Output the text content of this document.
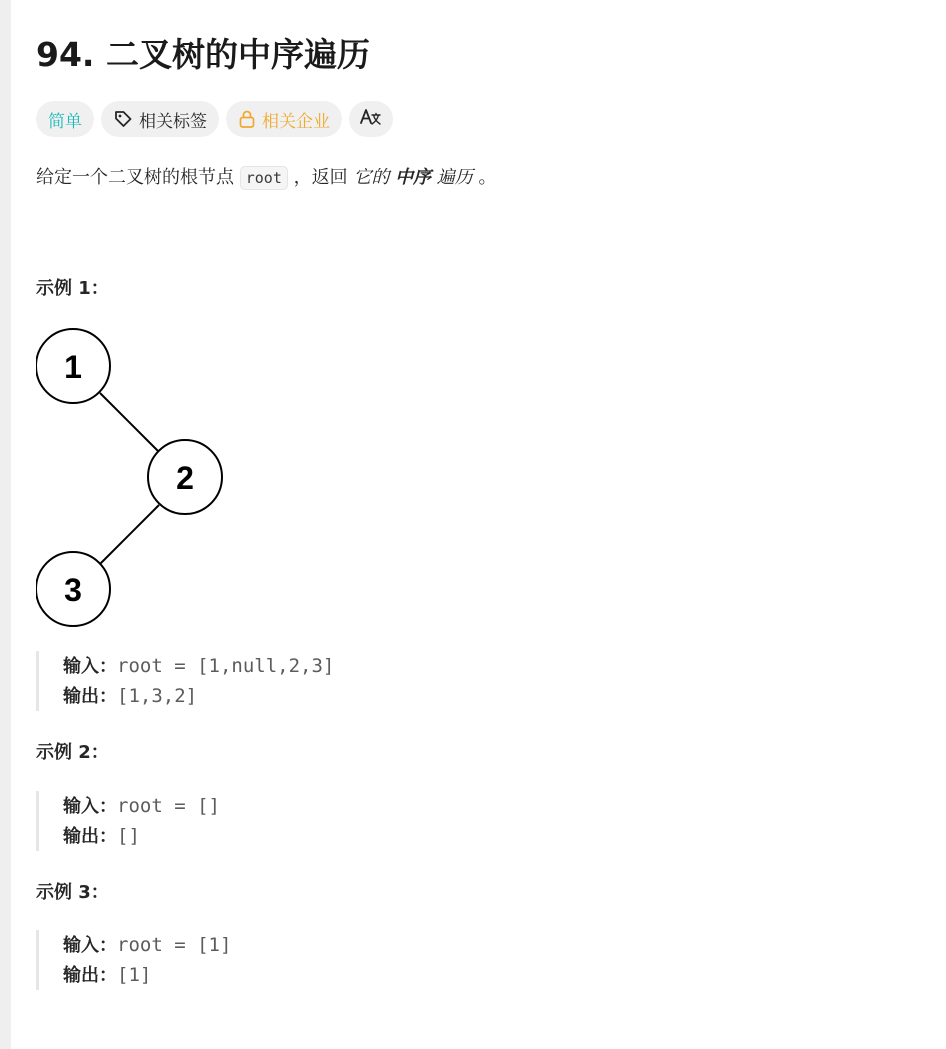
94. 二叉树的中序遍历
简单	相关标签	相关企业
给定一个二叉树的根节点 root ，返回 它的 中序 遍历 。

示例 1：

1
2
3
输入：root = [1,null,2,3]
输出：[1,3,2]

示例 2：

输入：root = []
输出：[]

示例 3：

输入：root = [1]
输出：[1]
